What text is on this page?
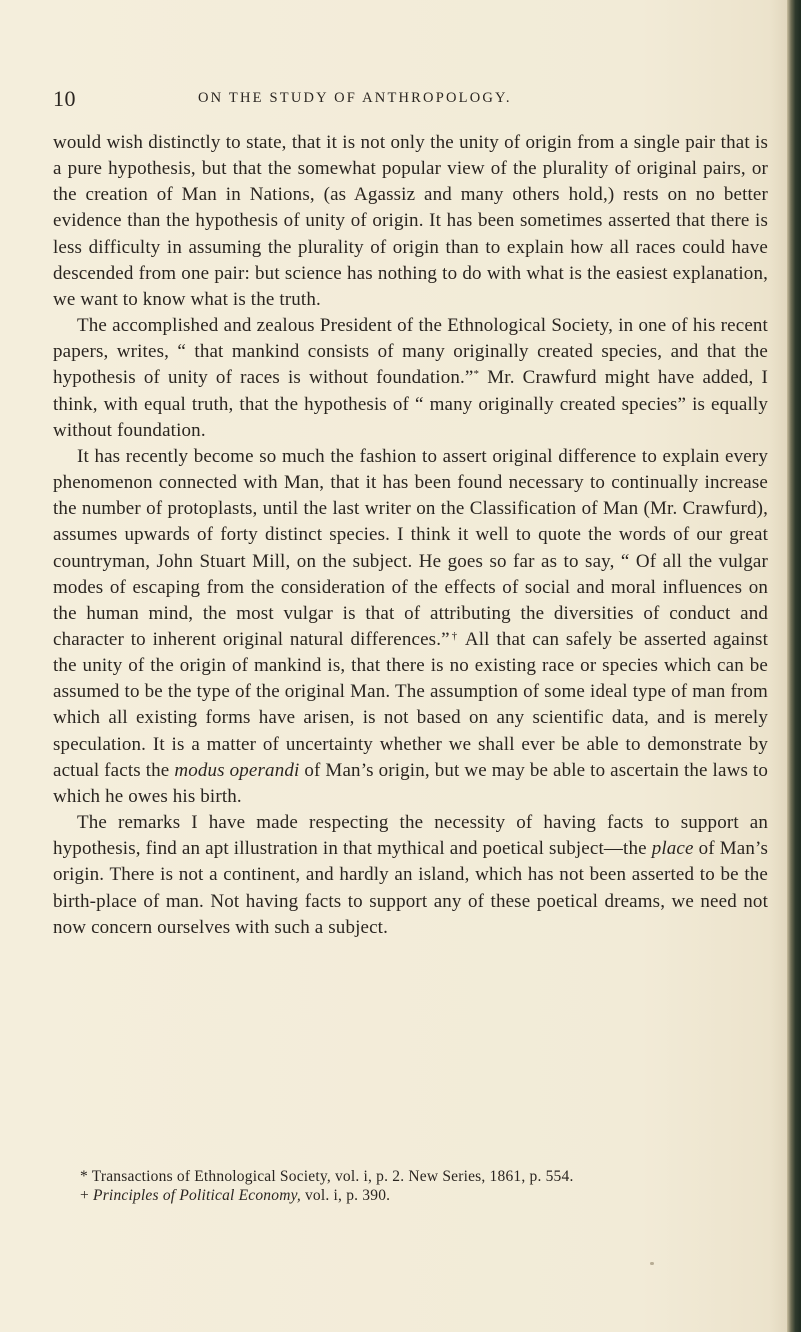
10	ON THE STUDY OF ANTHROPOLOGY.

would wish distinctly to state, that it is not only the unity of origin from a single pair that is a pure hypothesis, but that the somewhat popular view of the plurality of original pairs, or the creation of Man in Nations, (as Agassiz and many others hold,) rests on no better evidence than the hypothesis of unity of origin. It has been sometimes asserted that there is less difficulty in assuming the plurality of origin than to explain how all races could have descended from one pair: but science has nothing to do with what is the easiest explanation, we want to know what is the truth.

The accomplished and zealous President of the Ethnological Society, in one of his recent papers, writes, “ that mankind consists of many originally created species, and that the hypothesis of unity of races is without foundation.”* Mr. Crawfurd might have added, I think, with equal truth, that the hypothesis of “ many originally created species” is equally without foundation.

It has recently become so much the fashion to assert original difference to explain every phenomenon connected with Man, that it has been found necessary to continually increase the number of protoplasts, until the last writer on the Classification of Man (Mr. Crawfurd), assumes upwards of forty distinct species. I think it well to quote the words of our great countryman, John Stuart Mill, on the subject. He goes so far as to say, “ Of all the vulgar modes of escaping from the consideration of the effects of social and moral influences on the human mind, the most vulgar is that of attributing the diversities of conduct and character to inherent original natural differences.”† All that can safely be asserted against the unity of the origin of mankind is, that there is no existing race or species which can be assumed to be the type of the original Man. The assumption of some ideal type of man from which all existing forms have arisen, is not based on any scientific data, and is merely speculation. It is a matter of uncertainty whether we shall ever be able to demonstrate by actual facts the modus operandi of Man’s origin, but we may be able to ascertain the laws to which he owes his birth.

The remarks I have made respecting the necessity of having facts to support an hypothesis, find an apt illustration in that mythical and poetical subject—the place of Man’s origin. There is not a continent, and hardly an island, which has not been asserted to be the birth-place of man. Not having facts to support any of these poetical dreams, we need not now concern ourselves with such a subject.

* Transactions of Ethnological Society, vol. i, p. 2. New Series, 1861, p. 554.
+ Principles of Political Economy, vol. i, p. 390.
